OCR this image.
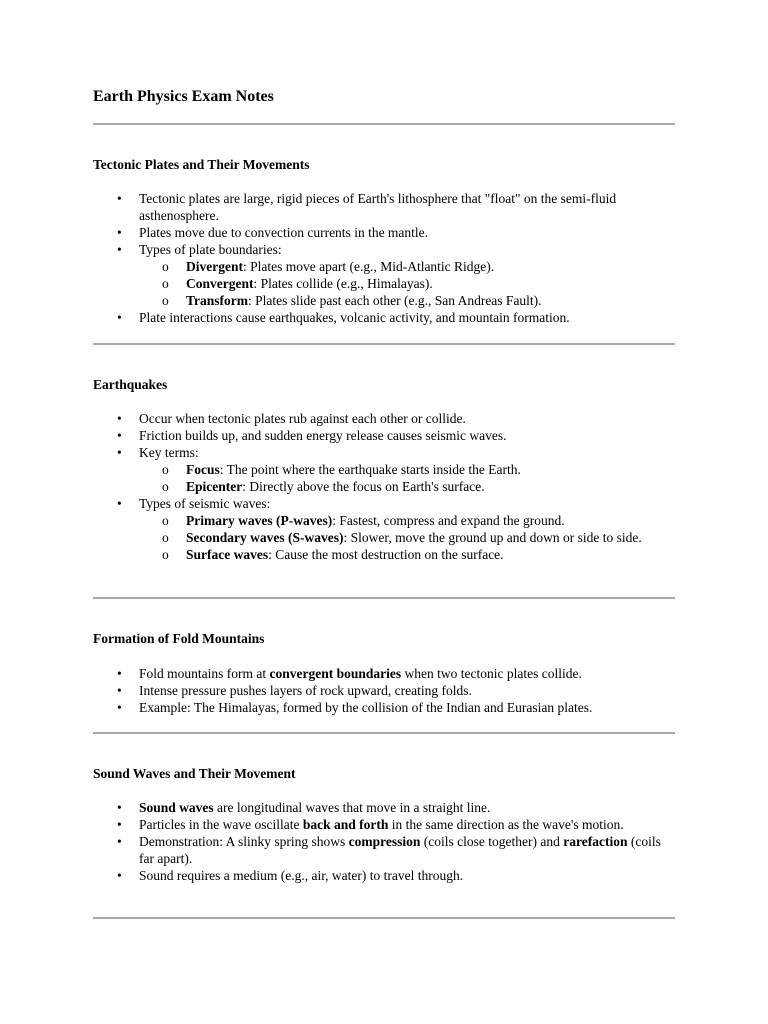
Earth Physics Exam Notes
Tectonic Plates and Their Movements
• Tectonic plates are large, rigid pieces of Earth's lithosphere that "float" on the semi-fluid asthenosphere.
• Plates move due to convection currents in the mantle.
• Types of plate boundaries:
o Divergent: Plates move apart (e.g., Mid-Atlantic Ridge).
o Convergent: Plates collide (e.g., Himalayas).
o Transform: Plates slide past each other (e.g., San Andreas Fault).
• Plate interactions cause earthquakes, volcanic activity, and mountain formation.
Earthquakes
• Occur when tectonic plates rub against each other or collide.
• Friction builds up, and sudden energy release causes seismic waves.
• Key terms:
o Focus: The point where the earthquake starts inside the Earth.
o Epicenter: Directly above the focus on Earth's surface.
• Types of seismic waves:
o Primary waves (P-waves): Fastest, compress and expand the ground.
o Secondary waves (S-waves): Slower, move the ground up and down or side to side.
o Surface waves: Cause the most destruction on the surface.
Formation of Fold Mountains
• Fold mountains form at convergent boundaries when two tectonic plates collide.
• Intense pressure pushes layers of rock upward, creating folds.
• Example: The Himalayas, formed by the collision of the Indian and Eurasian plates.
Sound Waves and Their Movement
• Sound waves are longitudinal waves that move in a straight line.
• Particles in the wave oscillate back and forth in the same direction as the wave's motion.
• Demonstration: A slinky spring shows compression (coils close together) and rarefaction (coils far apart).
• Sound requires a medium (e.g., air, water) to travel through.
